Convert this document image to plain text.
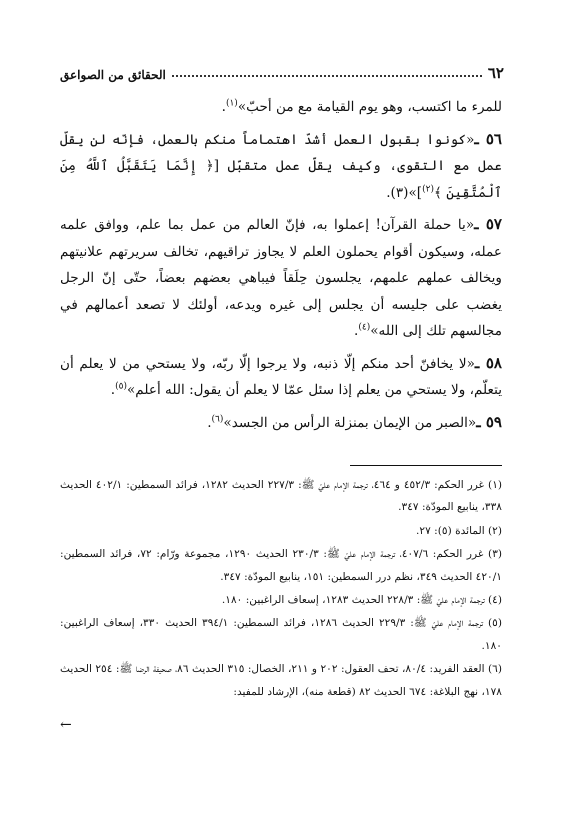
٦٢
الحقائق من الصواعق

للمرء ما اكتسب، وهو يوم القيامة مع من أحبّ»$^{(١)}$.

٥٦ ـ«كونوا بقبول العمل أشدّ اهتماماً منكم بالعمل، فإنّه لن يقلّ عمل مع التقوى، وكيف يقلّ عمل متقبّل [﴿ إِنَّمَا يَتَقَبَّلُ ٱللَّهُ مِنَ ٱلْمُتَّقِينَ ﴾$^{(٢)}$]»(٣).

٥٧ ـ«يا حملة القرآن! إعملوا به، فإنّ العالم من عمل بما علم، ووافق علمه عمله، وسيكون أقوام يحملون العلم لا يجاوز تراقيهم، تخالف سريرتهم علانيتهم ويخالف عملهم علمهم، يجلسون حِلَقاً فيباهي بعضهم بعضاً، حتّى إنّ الرجل يغضب على جليسه أن يجلس إلى غيره ويدعه، أولئك لا تصعد أعمالهم في مجالسهم تلك إلى الله»$^{(٤)}$.

٥٨ ـ«لا يخافنّ أحد منكم إلّا ذنبه، ولا يرجوا إلّا ربّه، ولا يستحي من لا يعلم أن يتعلّم، ولا يستحي من يعلم إذا سئل عمّا لا يعلم أن يقول: الله أعلم»$^{(٥)}$.

٥٩ ـ«الصبر من الإيمان بمنزلة الرأس من الجسد»$^{(٦)}$.

(١) غرر الحكم: ٤٥٢/٣ و ٤٦٤، ترجمة الإمام عليّ ﷺ: ٢٢٧/٣ الحديث ١٢٨٢، فرائد السمطين: ٤٠٢/١ الحديث ٣٣٨، ينابيع المودّة: ٣٤٧.

(٢) المائدة (٥): ٢٧.

(٣) غرر الحكم: ٤٠٧/٦، ترجمة الإمام عليّ ﷺ: ٢٣٠/٣ الحديث ١٢٩٠، مجموعة ورّام: ٧٢، فرائد السمطين: ٤٢٠/١ الحديث ٣٤٩، نظم درر السمطين: ١٥١، ينابيع المودّة: ٣٤٧.

(٤) ترجمة الإمام عليّ ﷺ: ٢٢٨/٣ الحديث ١٢٨٣، إسعاف الراغبين: ١٨٠.

(٥) ترجمة الإمام عليّ ﷺ: ٢٢٩/٣ الحديث ١٢٨٦، فرائد السمطين: ٣٩٤/١ الحديث ٣٣٠، إسعاف الراغبين: ١٨٠.

(٦) العقد الفريد: ٨٠/٤، تحف العقول: ٢٠٢ و ٢١١، الخصال: ٣١٥ الحديث ٨٦، صحيفة الرضا ﷺ: ٢٥٤ الحديث ١٧٨، نهج البلاغة: ٦٧٤ الحديث ٨٢ (قطعة منه)، الإرشاد للمفيد:

←
